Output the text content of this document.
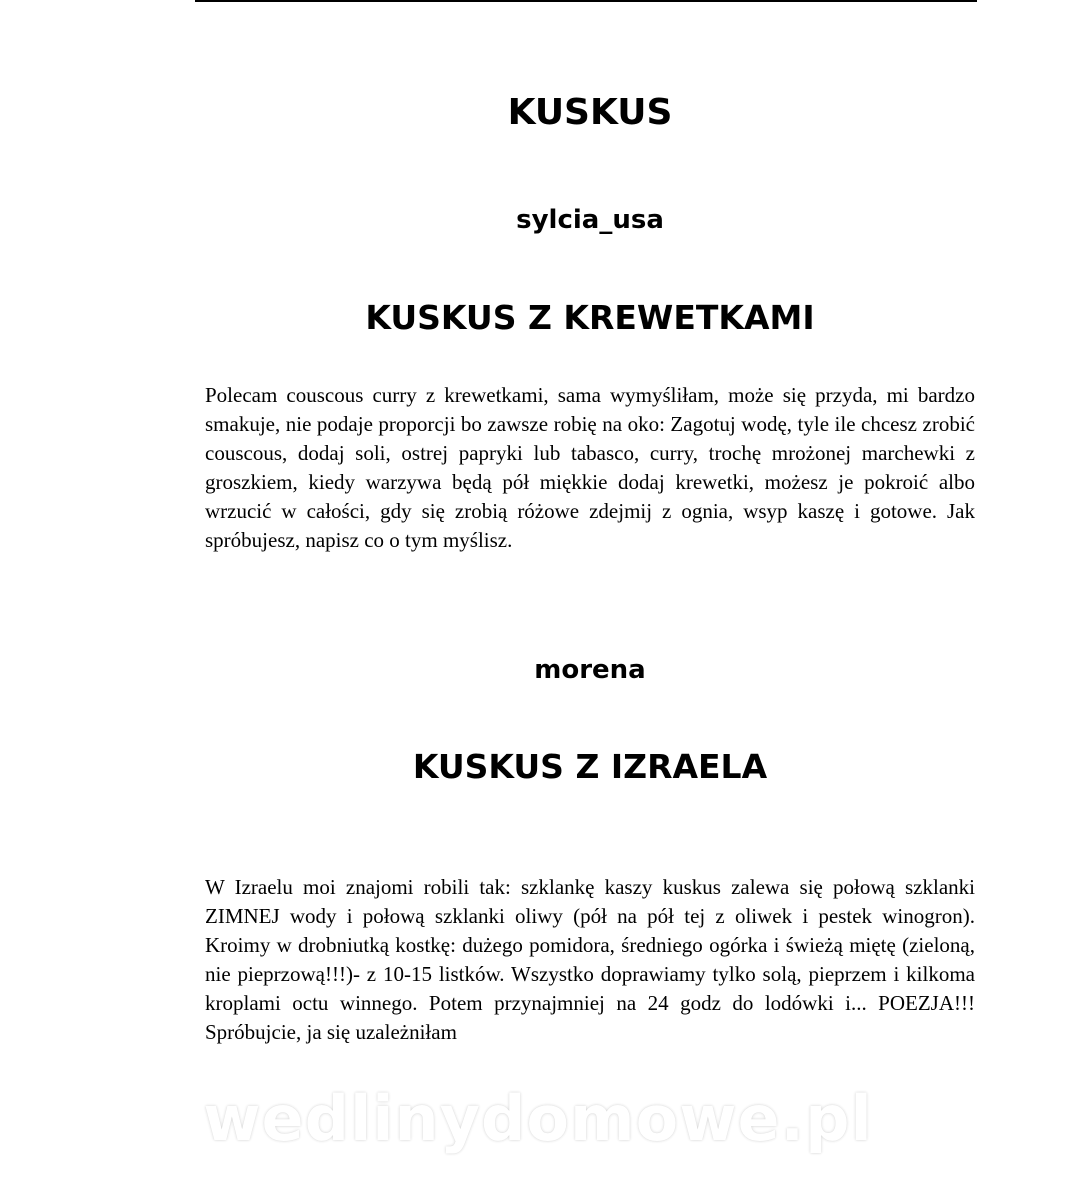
KUSKUS
sylcia_usa
KUSKUS Z KREWETKAMI

Polecam couscous curry z krewetkami, sama wymyśliłam, może się przyda, mi bardzo smakuje, nie podaje proporcji bo zawsze robię na oko: Zagotuj wodę, tyle ile chcesz zrobić couscous, dodaj soli, ostrej papryki lub tabasco, curry, trochę mrożonej marchewki z groszkiem, kiedy warzywa będą pół miękkie dodaj krewetki, możesz je pokroić albo wrzucić w całości, gdy się zrobią różowe zdejmij z ognia, wsyp kaszę i gotowe. Jak spróbujesz, napisz co o tym myślisz.

morena
KUSKUS Z IZRAELA

W Izraelu moi znajomi robili tak: szklankę kaszy kuskus zalewa się połową szklanki ZIMNEJ wody i połową szklanki oliwy (pół na pół tej z oliwek i pestek winogron). Kroimy w drobniutką kostkę: dużego pomidora, średniego ogórka i świeżą miętę (zieloną, nie pieprzową!!!)- z 10-15 listków. Wszystko doprawiamy tylko solą, pieprzem i kilkoma kroplami octu winnego. Potem przynajmniej na 24 godz do lodówki i... POEZJA!!! Spróbujcie, ja się uzależniłam

wedlinydomowe.pl
